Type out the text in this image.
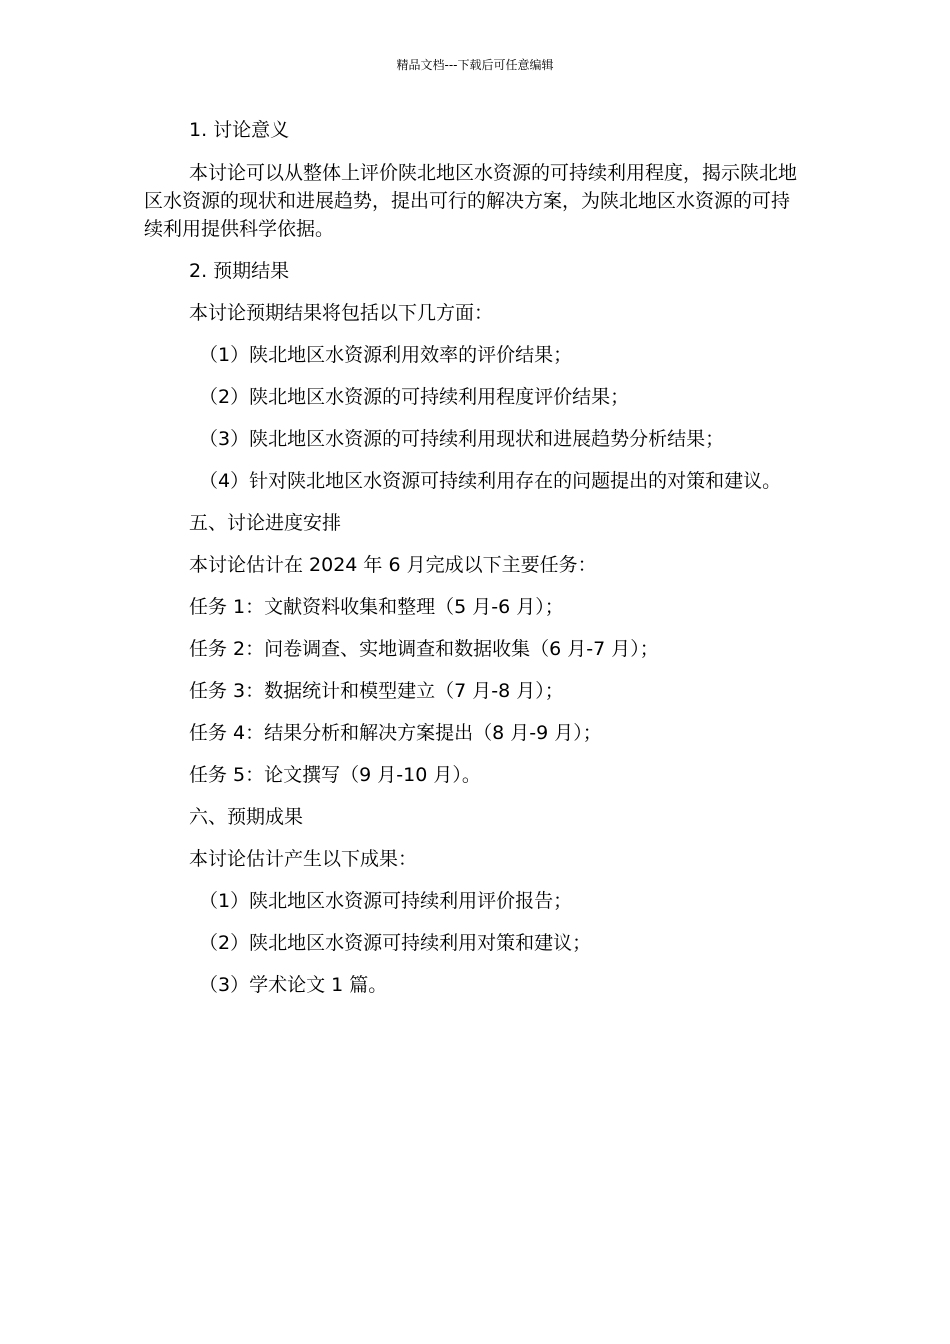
精品文档---下载后可任意编辑
1. 讨论意义
本讨论可以从整体上评价陕北地区水资源的可持续利用程度，揭示陕北地区水资源的现状和进展趋势，提出可行的解决方案，为陕北地区水资源的可持续利用提供科学依据。
2. 预期结果
本讨论预期结果将包括以下几方面：
（1）陕北地区水资源利用效率的评价结果；
（2）陕北地区水资源的可持续利用程度评价结果；
（3）陕北地区水资源的可持续利用现状和进展趋势分析结果；
（4）针对陕北地区水资源可持续利用存在的问题提出的对策和建议。
五、讨论进度安排
本讨论估计在 2024 年 6 月完成以下主要任务：
任务 1：文献资料收集和整理（5 月-6 月）；
任务 2：问卷调查、实地调查和数据收集（6 月-7 月）；
任务 3：数据统计和模型建立（7 月-8 月）；
任务 4：结果分析和解决方案提出（8 月-9 月）；
任务 5：论文撰写（9 月-10 月）。
六、预期成果
本讨论估计产生以下成果：
（1）陕北地区水资源可持续利用评价报告；
（2）陕北地区水资源可持续利用对策和建议；
（3）学术论文 1 篇。
